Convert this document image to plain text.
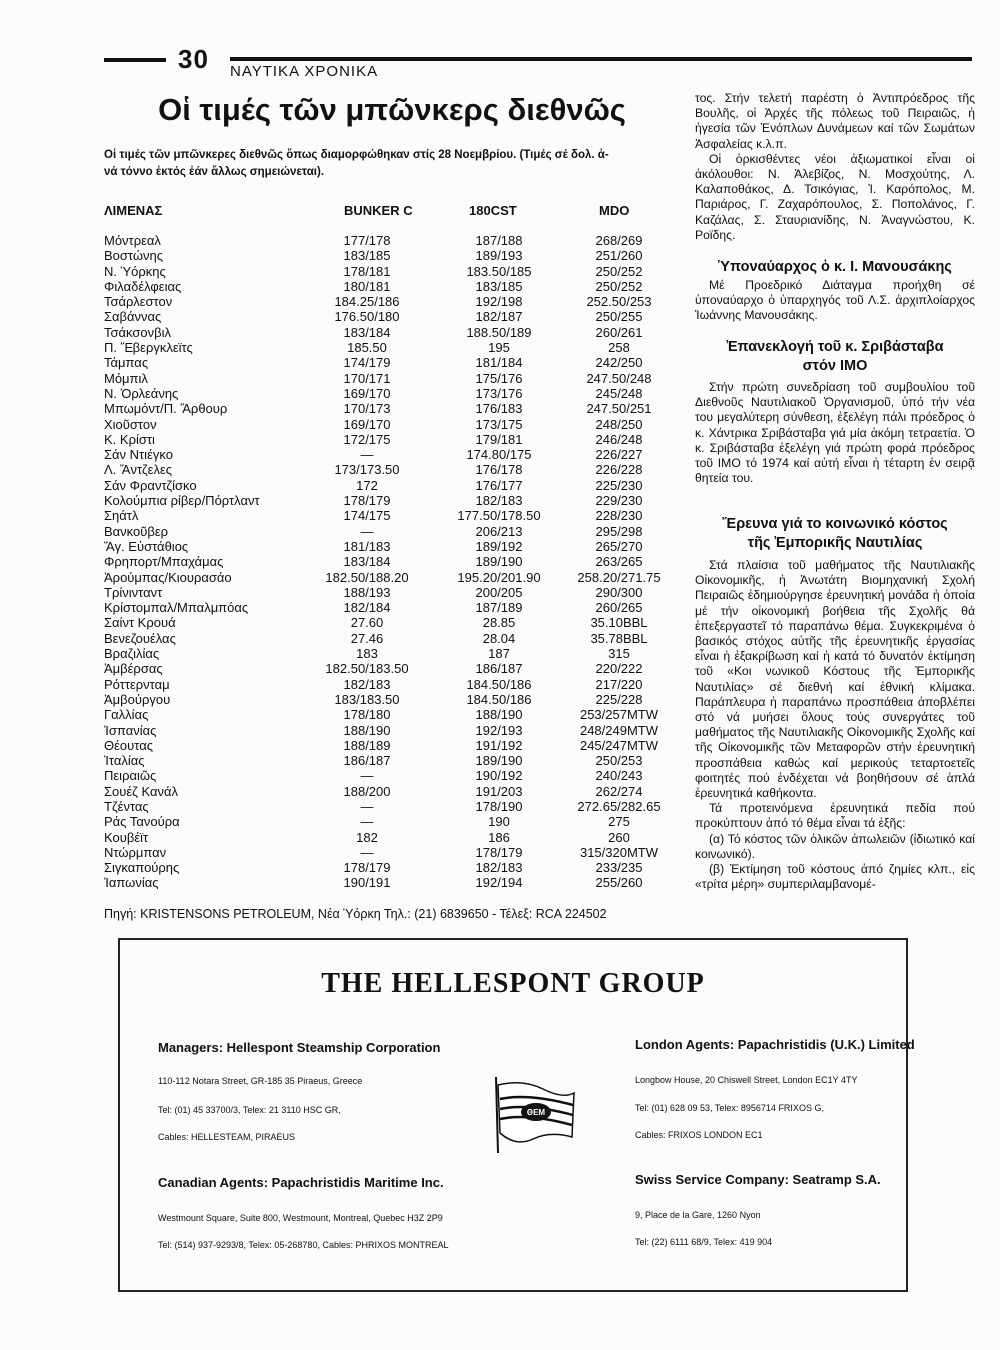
30 ΝΑΥΤΙΚΑ ΧΡΟΝΙΚΑ
Οἱ τιμές τῶν μπῶνκερς διεθνῶς
Οἱ τιμές τῶν μπῶνκερες διεθνῶς ὅπως διαμορφώθηκαν στίς 28 Νοεμβρίου. (Τιμές σέ δολ. ἀ-
νά τόννο ἐκτός ἐάν ἄλλως σημειώνεται).
ΛΙΜΕΝΑΣ	BUNKER C	180CST	MDO
Μόντρεαλ	177/178	187/188	268/269
Βοστώνης	183/185	189/193	251/260
Ν. Ὑόρκης	178/181	183.50/185	250/252
Φιλαδέλφειας	180/181	183/185	250/252
Τσάρλεστον	184.25/186	192/198	252.50/253
Σαβάννας	176.50/180	182/187	250/255
Τσάκσονβιλ	183/184	188.50/189	260/261
Π. Ἔβεργκλεϊτς	185.50	195	258
Τάμπας	174/179	181/184	242/250
Μόμπιλ	170/171	175/176	247.50/248
Ν. Ὀρλεάνης	169/170	173/176	245/248
Μπωμόντ/Π. Ἄρθουρ	170/173	176/183	247.50/251
Χιοῦστον	169/170	173/175	248/250
Κ. Κρίστι	172/175	179/181	246/248
Σάν Ντιέγκο	—	174.80/175	226/227
Λ. Ἄντζελες	173/173.50	176/178	226/228
Σάν Φραντζίσκο	172	176/177	225/230
Κολούμπια ρίβερ/Πόρτλαντ	178/179	182/183	229/230
Σηάτλ	174/175	177.50/178.50	228/230
Βανκοῦβερ	—	206/213	295/298
Ἅγ. Εὐστάθιος	181/183	189/192	265/270
Φρηπορτ/Μπαχάμας	183/184	189/190	263/265
Ἀρούμπας/Κιουρασάο	182.50/188.20	195.20/201.90	258.20/271.75
Τρίνινταντ	188/193	200/205	290/300
Κρίστομπαλ/Μπαλμπόας	182/184	187/189	260/265
Σαίντ Κρουά	27.60	28.85	35.10BBL
Βενεζουέλας	27.46	28.04	35.78BBL
Βραζιλίας	183	187	315
Ἀμβέρσας	182.50/183.50	186/187	220/222
Ρόττερνταμ	182/183	184.50/186	217/220
Ἀμβούργου	183/183.50	184.50/186	225/228
Γαλλίας	178/180	188/190	253/257MTW
Ἰσπανίας	188/190	192/193	248/249MTW
Θέουτας	188/189	191/192	245/247MTW
Ἰταλίας	186/187	189/190	250/253
Πειραιῶς	—	190/192	240/243
Σουέζ Κανάλ	188/200	191/203	262/274
Τζέντας	—	178/190	272.65/282.65
Ράς Τανούρα	—	190	275
Κουβέϊτ	182	186	260
Ντώρμπαν	—	178/179	315/320MTW
Σιγκαπούρης	178/179	182/183	233/235
Ἰαπωνίας	190/191	192/194	255/260
Πηγή: KRISTENSONS PETROLEUM, Νέα Ὑόρκη Τηλ.: (21) 6839650 - Τέλεξ: RCA 224502

τος. Στήν τελετή παρέστη ὁ Ἀντιπρόεδρος τῆς Βουλῆς, οἱ Ἀρχές τῆς πόλεως τοῦ Πειραιῶς, ἡ ἡγεσία τῶν Ἐνόπλων Δυνάμεων καί τῶν Σωμάτων Ἀσφαλείας κ.λ.π.

Οἱ ὁρκισθέντες νέοι ἀξιωματικοί εἶναι οἱ ἀκόλουθοι: Ν. Ἀλεβίζος, Ν. Μοσχούτης, Λ. Καλαποθάκος, Δ. Τσικόγιας, Ἰ. Καρόπολος, Μ. Παριάρος, Γ. Ζαχαρόπουλος, Σ. Ποπολάνος, Γ. Καζάλας, Σ. Σταυριανίδης, Ν. Ἀναγνώστου, Κ. Ροϊδης.

Ὑποναύαρχος ὁ κ. Ι. Μανουσάκης

Μέ Προεδρικό Διάταγμα προήχθη σέ ὑποναύαρχο ὁ ὑπαρχηγός τοῦ Λ.Σ. ἀρχιπλοίαρχος Ἰωάννης Μανουσάκης.

Ἐπανεκλογή τοῦ κ. Σριβάσταβα
στόν IMO

Στήν πρώτη συνεδρίαση τοῦ συμβουλίου τοῦ Διεθνοῦς Ναυτιλιακοῦ Ὀργανισμοῦ, ὑπό τήν νέα του μεγαλύτερη σύνθεση, ἐξελέγη πάλι πρόεδρος ὁ κ. Χάντρικα Σριβάσταβα γιά μία ἀκόμη τετραετία. Ὁ κ. Σριβάσταβα ἐξελέγη γιά πρώτη φορά πρόεδρος τοῦ IMO τό 1974 καί αὐτή εἶναι ἡ τέταρτη ἐν σειρᾷ θητεία του.

Ἔρευνα γιά το κοινωνικό κόστος
τῆς Ἐμπορικῆς Ναυτιλίας

Στά πλαίσια τοῦ μαθήματος τῆς Ναυτιλιακῆς Οἰκονομικῆς, ἡ Ἀνωτάτη Βιομηχανική Σχολή Πειραιῶς ἐδημιούργησε ἐρευνητική μονάδα ἡ ὁποία μέ τήν οἰκονομική βοήθεια τῆς Σχολῆς θά ἐπεξεργαστεῖ τό παραπάνω θέμα. Συγκεκριμένα ὁ βασικός στόχος αὐτῆς τῆς ἐρευνητικῆς ἐργασίας εἶναι ἡ ἐξακρίβωση καί ἡ κατά τό δυνατόν ἐκτίμηση τοῦ «Κοι νωνικοῦ Κόστους τῆς Ἐμπορικῆς Ναυτιλίας» σέ διεθνή καί ἐθνική κλίμακα. Παράπλευρα ἡ παραπάνω προσπάθεια ἀποβλέπει στό νά μυήσει ὅλους τούς συνεργάτες τοῦ μαθήματος τῆς Ναυτιλιακῆς Οἰκονομικῆς Σχολῆς καί τῆς Οἰκονομικῆς τῶν Μεταφορῶν στήν ἐρευνητική προσπάθεια καθώς καί μερικούς τεταρτοετεῖς φοιτητές πού ἐνδέχεται νά βοηθήσουν σέ ἁπλά ἐρευνητικά καθήκοντα.

Τά προτεινόμενα ἐρευνητικά πεδία πού προκύπτουν ἀπό τό θέμα εἶναι τά ἑξῆς:

(α) Τό κόστος τῶν ὁλικῶν ἀπωλειῶν (ἰδιωτικό καί κοινωνικό).

(β) Ἐκτίμηση τοῦ κόστους ἀπό ζημίες κλπ., εἰς «τρίτα μέρη» συμπεριλαμβανομέ-

THE HELLESPONT GROUP
Managers: Hellespont Steamship Corporation
110-112 Notara Street, GR-185 35 Piraeus, Greece
Tel: (01) 45 33700/3, Telex: 21 3110 HSC GR,
Cables: HELLESTEAM, PIRAEUS
Canadian Agents: Papachristidis Maritime Inc.
Westmount Square, Suite 800, Westmount, Montreal, Quebec H3Z 2P9
Tel: (514) 937-9293/8, Telex: 05-268780, Cables: PHRIXOS MONTREAL
London Agents: Papachristidis (U.K.) Limited
Longbow House, 20 Chiswell Street, London EC1Y 4TY
Tel: (01) 628 09 53, Telex: 8956714 FRIXOS G,
Cables: FRIXOS LONDON EC1
Swiss Service Company: Seatramp S.A.
9, Place de la Gare, 1260 Nyon
Tel: (22) 6111 68/9, Telex: 419 904
ΘΕΜ
